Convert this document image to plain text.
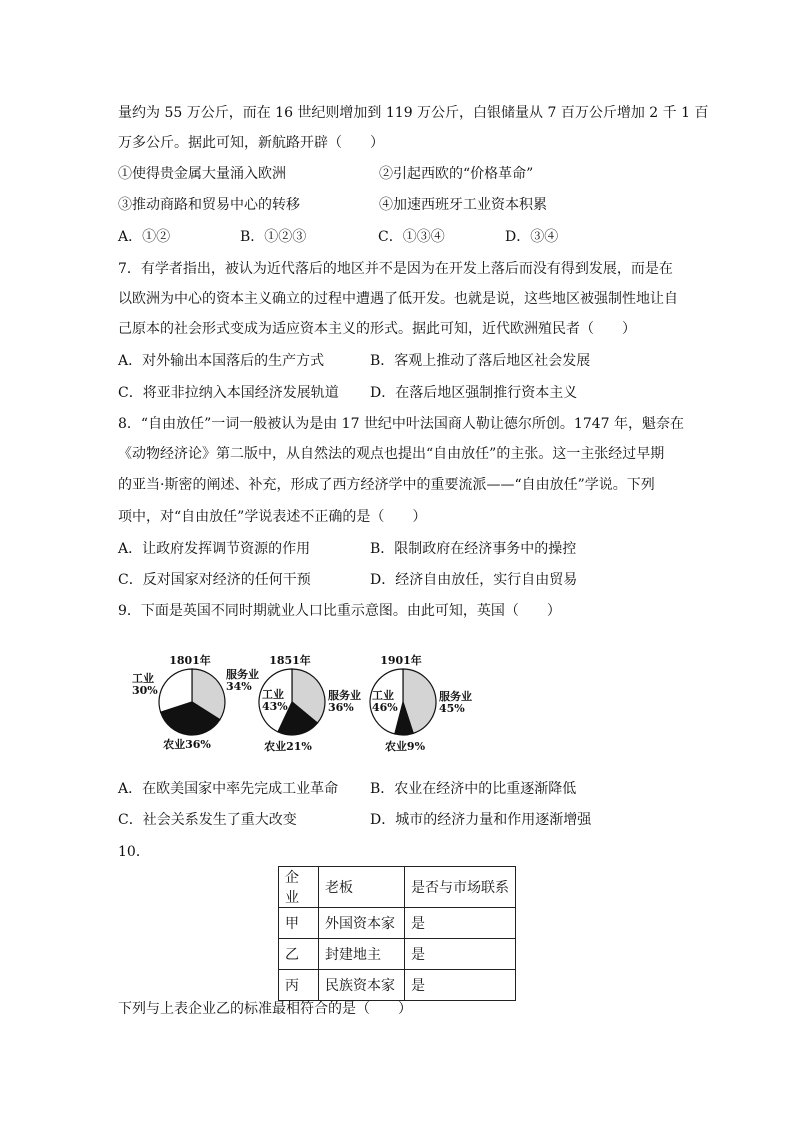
量约为 55 万公斤，而在 16 世纪则增加到 119 万公斤，白银储量从 7 百万公斤增加 2 千 1 百
万多公斤。据此可知，新航路开辟（　　）
①使得贵金属大量涌入欧洲	②引起西欧的“价格革命”
③推动商路和贸易中心的转移	④加速西班牙工业资本积累
A．①②	B．①②③	C．①③④	D．③④
7．有学者指出，被认为近代落后的地区并不是因为在开发上落后而没有得到发展，而是在
以欧洲为中心的资本主义确立的过程中遭遇了低开发。也就是说，这些地区被强制性地让自
己原本的社会形式变成为适应资本主义的形式。据此可知，近代欧洲殖民者（　　）
A．对外输出本国落后的生产方式	B．客观上推动了落后地区社会发展
C．将亚非拉纳入本国经济发展轨道 D．在落后地区强制推行资本主义
8．“自由放任”一词一般被认为是由 17 世纪中叶法国商人勒让德尔所创。1747 年，魁奈在
《动物经济论》第二版中，从自然法的观点也提出“自由放任”的主张。这一主张经过早期
的亚当·斯密的阐述、补充，形成了西方经济学中的重要流派——“自由放任”学说。下列
项中，对“自由放任”学说表述不正确的是（　　）
A．让政府发挥调节资源的作用	B．限制政府在经济事务中的操控
C．反对国家对经济的任何干预	D．经济自由放任，实行自由贸易
9．下面是英国不同时期就业人口比重示意图。由此可知，英国（　　）
1801年
工业
30%
服务业
34%
农业36%
1851年
工业
43%
服务业
36%
农业21%
1901年
工业
46%
服务业
45%
农业9%
A．在欧美国家中率先完成工业革命 B．农业在经济中的比重逐渐降低
C．社会关系发生了重大改变	D．城市的经济力量和作用逐渐增强
10．
企业	老板	是否与市场联系
甲	外国资本家	是
乙	封建地主	是
丙	民族资本家	是
下列与上表企业乙的标准最相符合的是（　　）
